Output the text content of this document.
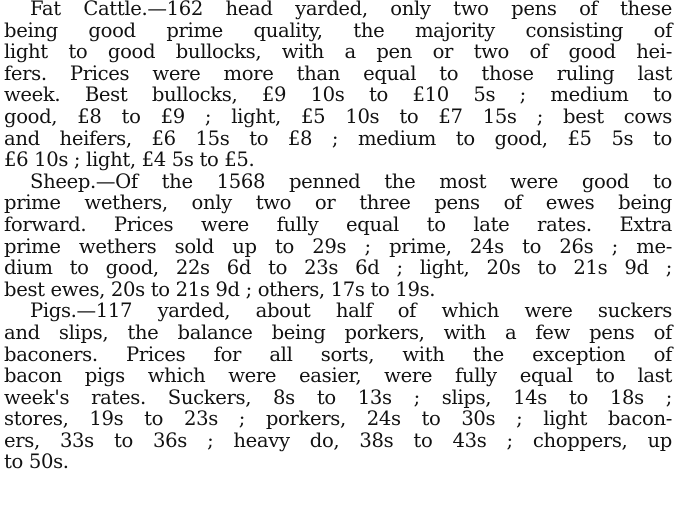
Fat Cattle.—162 head yarded, only two pens of these
being good prime quality, the majority consisting of
light to good bullocks, with a pen or two of good hei-
fers. Prices were more than equal to those ruling last
week. Best bullocks, £9 10s to £10 5s ; medium to
good, £8 to £9 ; light, £5 10s to £7 15s ; best cows
and heifers, £6 15s to £8 ; medium to good, £5 5s to
£6 10s ; light, £4 5s to £5.

Sheep.—Of the 1568 penned the most were good to
prime wethers, only two or three pens of ewes being
forward. Prices were fully equal to late rates. Extra
prime wethers sold up to 29s ; prime, 24s to 26s ; me-
dium to good, 22s 6d to 23s 6d ; light, 20s to 21s 9d ;
best ewes, 20s to 21s 9d ; others, 17s to 19s.

Pigs.—117 yarded, about half of which were suckers
and slips, the balance being porkers, with a few pens of
baconers. Prices for all sorts, with the exception of
bacon pigs which were easier, were fully equal to last
week's rates. Suckers, 8s to 13s ; slips, 14s to 18s ;
stores, 19s to 23s ; porkers, 24s to 30s ; light bacon-
ers, 33s to 36s ; heavy do, 38s to 43s ; choppers, up
to 50s.
